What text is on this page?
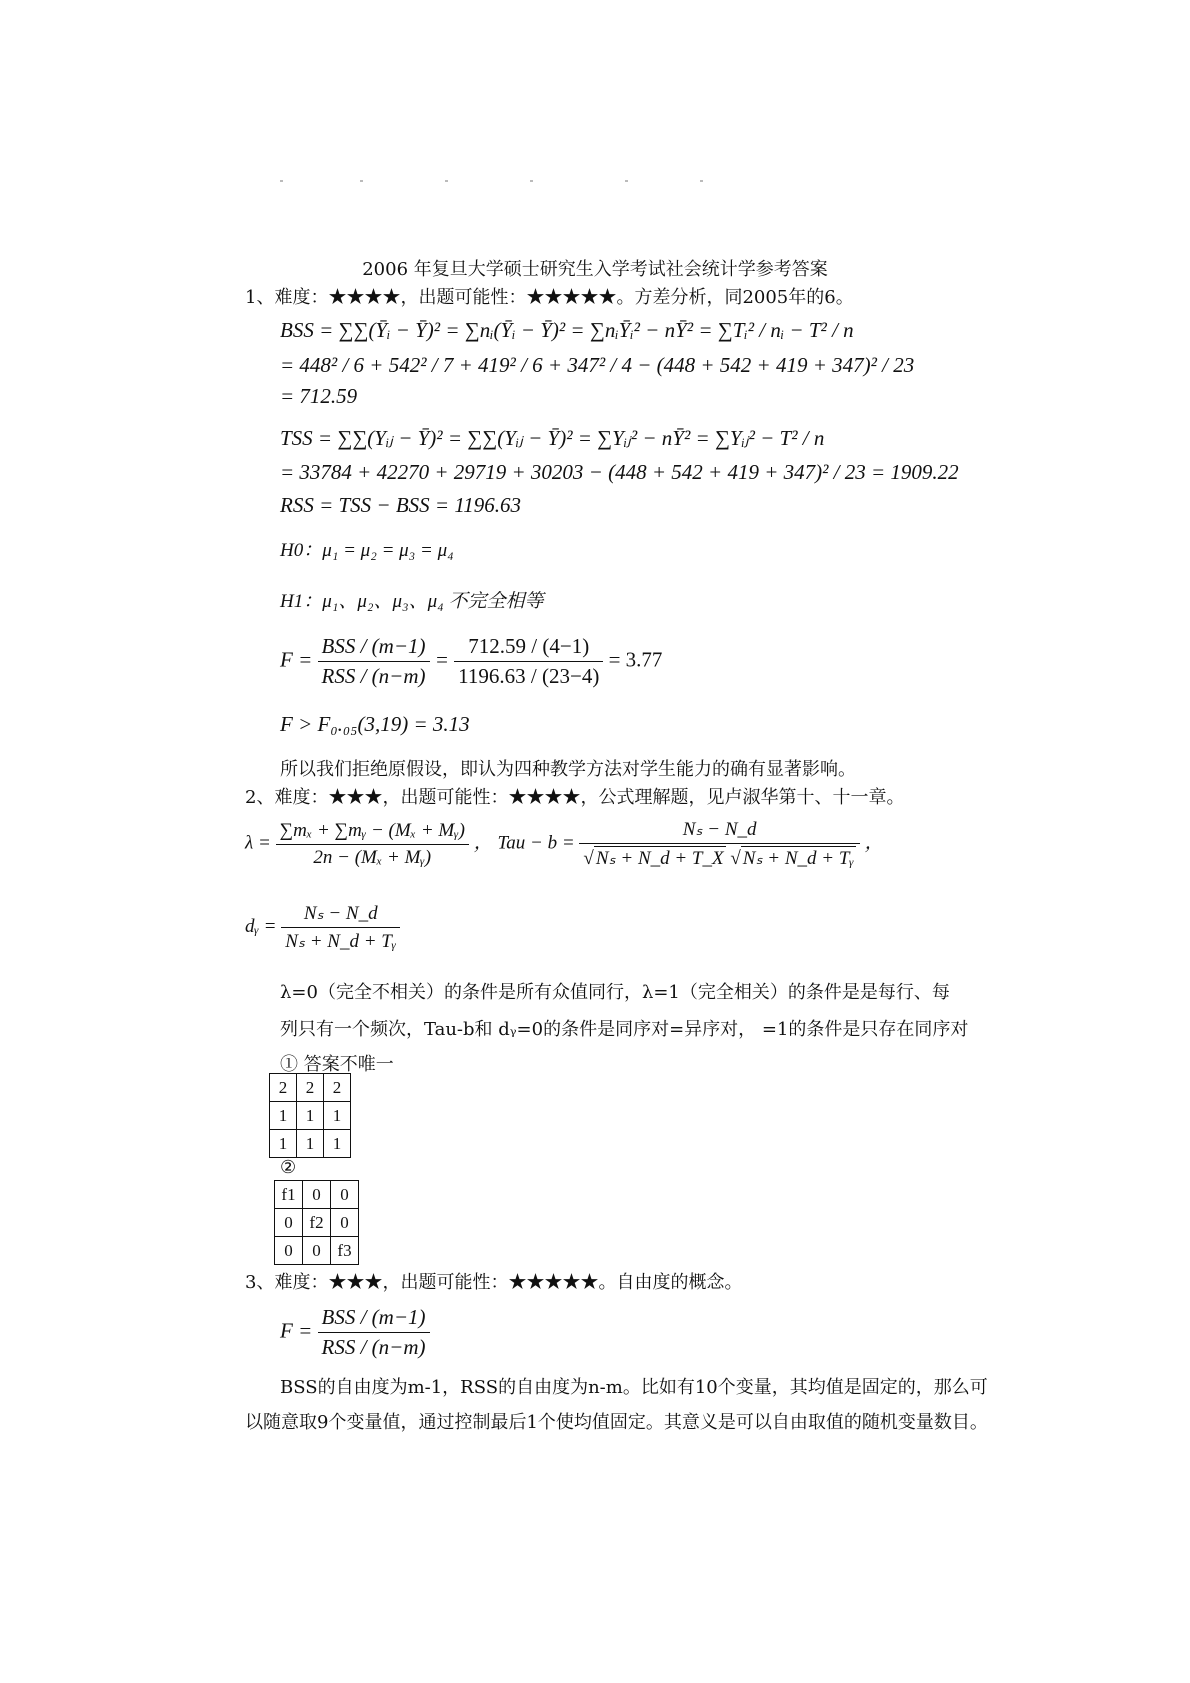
2006 年复旦大学硕士研究生入学考试社会统计学参考答案
1、难度：★★★★，出题可能性：★★★★★。方差分析，同2005年的6。
BSS = ∑∑(Ȳᵢ − Ȳ)² = ∑nᵢ(Ȳᵢ − Ȳ)² = ∑nᵢȲᵢ² − nȲ² = ∑Tᵢ² / nᵢ − T² / n
= 448² / 6 + 542² / 7 + 419² / 6 + 347² / 4 − (448 + 542 + 419 + 347)² / 23
= 712.59
TSS = ∑∑(Yᵢⱼ − Ȳ)² = ∑∑(Yᵢⱼ − Ȳ)² = ∑Yᵢⱼ² − nȲ² = ∑Yᵢⱼ² − T² / n
= 33784 + 42270 + 29719 + 30203 − (448 + 542 + 419 + 347)² / 23 = 1909.22
RSS = TSS − BSS = 1196.63
H0：μ₁ = μ₂ = μ₃ = μ₄
H1：μ₁、μ₂、μ₃、μ₄ 不完全相等
$F = \frac{\text{BSS / (m−1)}}{\text{RSS / (n−m)}} = \frac{712.59 / (4-1)}{1196.63 / (23-4)} = 3.77$
F > F₀.₀₅(3,19) = 3.13
所以我们拒绝原假设，即认为四种教学方法对学生能力的确有显著影响。
2、难度：★★★，出题可能性：★★★★，公式理解题，见卢淑华第十、十一章。
$\lambda = \frac{\text{∑mₓ + ∑mᵧ − (Mₓ + Mᵧ)}}{\text{2n − (Mₓ + Mᵧ)}}$ ， Tau − $b = \frac{\text{Nₛ − N\_d}}{\text{√ Nₛ + N\_d + T\_X √ Nₛ + N\_d + Tᵧ}}$ ，
dᵧ = $\frac{\text{Nₛ − N\_d}}{\text{Nₛ + N\_d + Tᵧ}}$
λ=0（完全不相关）的条件是所有众值同行，λ=1（完全相关）的条件是是每行、每
列只有一个频次，Tau-b和 dᵧ=0的条件是同序对=异序对， =1的条件是只存在同序对
① 答案不唯一
2	2	2
1	1	1
1	1	1
②
f1	0	0
0	f2	0
0	0	f3
3、难度：★★★，出题可能性：★★★★★。自由度的概念。
$F = \frac{\text{BSS / (m−1)}}{\text{RSS / (n−m)}}$
BSS的自由度为m-1，RSS的自由度为n-m。比如有10个变量，其均值是固定的，那么可
以随意取9个变量值，通过控制最后1个使均值固定。其意义是可以自由取值的随机变量数目。
